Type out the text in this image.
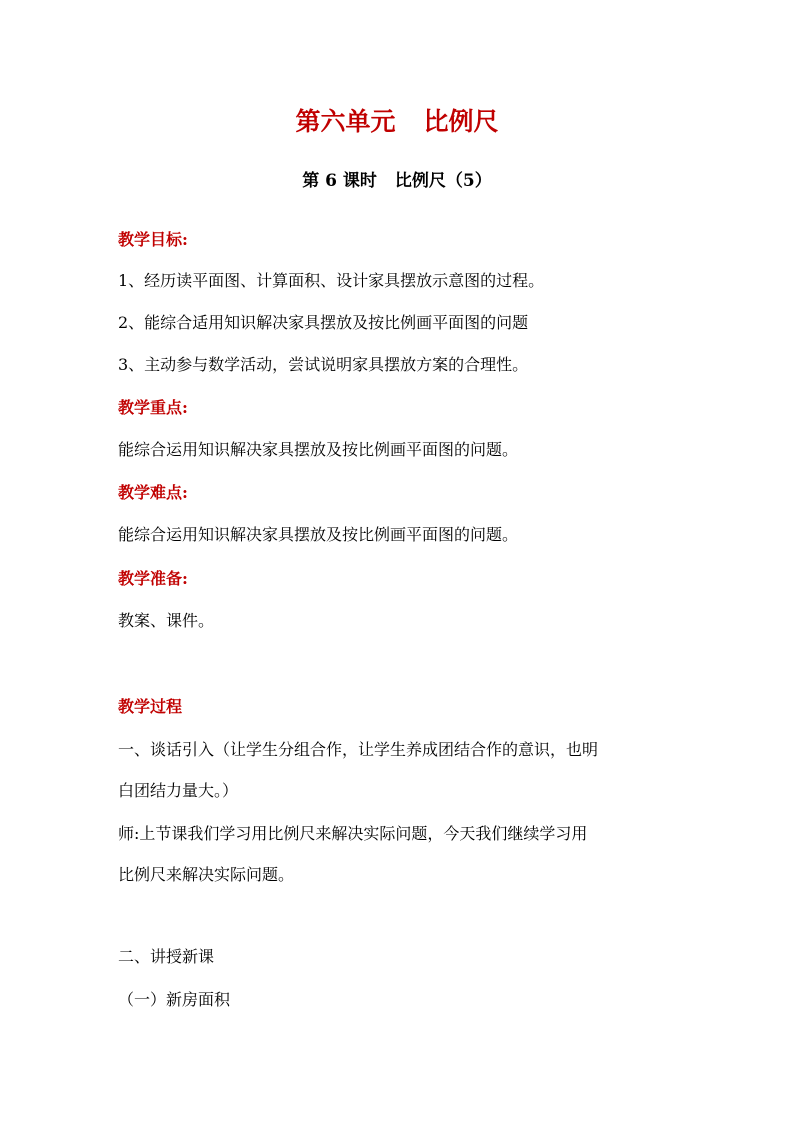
第六单元 比例尺
第 6 课时 比例尺（5）
教学目标:
1、经历读平面图、计算面积、设计家具摆放示意图的过程。
2、能综合适用知识解决家具摆放及按比例画平面图的问题
3、主动参与数学活动，尝试说明家具摆放方案的合理性。
教学重点:
能综合运用知识解决家具摆放及按比例画平面图的问题。
教学难点:
能综合运用知识解决家具摆放及按比例画平面图的问题。
教学准备:
教案、课件。
教学过程
一、谈话引入（让学生分组合作，让学生养成团结合作的意识，也明
白团结力量大。）
师:上节课我们学习用比例尺来解决实际问题，今天我们继续学习用
比例尺来解决实际问题。
二、讲授新课
（一）新房面积
